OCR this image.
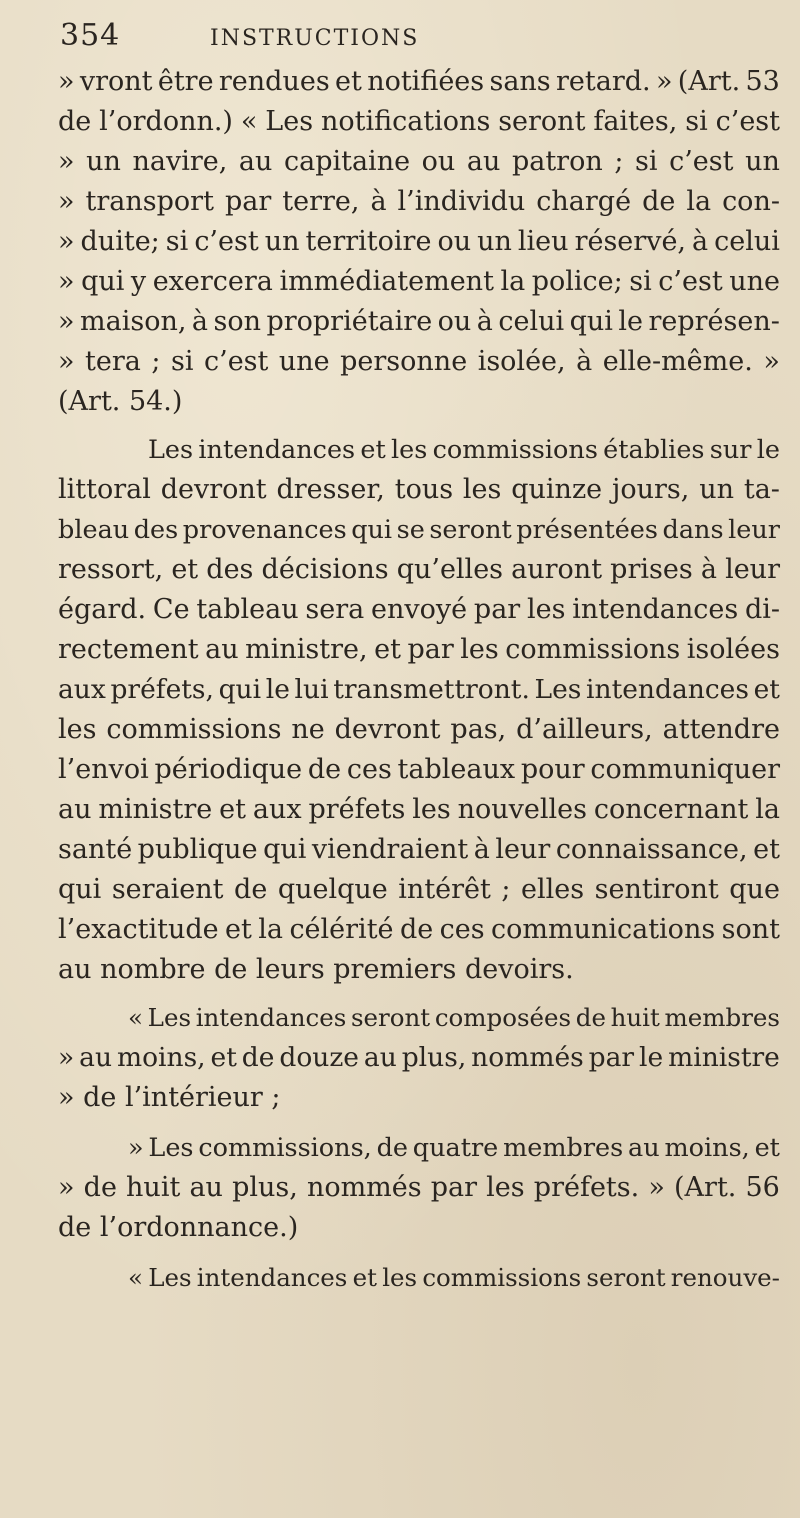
354	INSTRUCTIONS
» vront être rendues et notifiées sans retard. » (Art. 53
de l’ordonn.) « Les notifications seront faites, si c’est
» un navire, au capitaine ou au patron ; si c’est un
» transport par terre, à l’individu chargé de la con-
» duite; si c’est un territoire ou un lieu réservé, à celui
» qui y exercera immédiatement la police; si c’est une
» maison, à son propriétaire ou à celui qui le représen-
» tera ; si c’est une personne isolée, à elle-même. »
(Art. 54.)
Les intendances et les commissions établies sur le
littoral devront dresser, tous les quinze jours, un ta-
bleau des provenances qui se seront présentées dans leur
ressort, et des décisions qu’elles auront prises à leur
égard. Ce tableau sera envoyé par les intendances di-
rectement au ministre, et par les commissions isolées
aux préfets, qui le lui transmettront. Les intendances et
les commissions ne devront pas, d’ailleurs, attendre
l’envoi périodique de ces tableaux pour communiquer
au ministre et aux préfets les nouvelles concernant la
santé publique qui viendraient à leur connaissance, et
qui seraient de quelque intérêt ; elles sentiront que
l’exactitude et la célérité de ces communications sont
au nombre de leurs premiers devoirs.
« Les intendances seront composées de huit membres
» au moins, et de douze au plus, nommés par le ministre
» de l’intérieur ;
» Les commissions, de quatre membres au moins, et
» de huit au plus, nommés par les préfets. » (Art. 56
de l’ordonnance.)
« Les intendances et les commissions seront renouve-
